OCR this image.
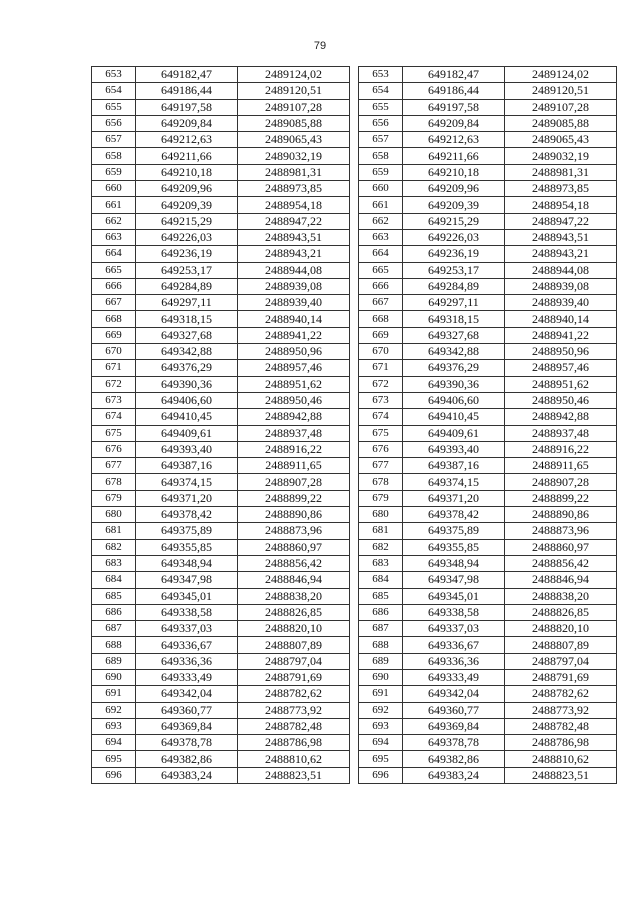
79
653	649182,47	2489124,02
654	649186,44	2489120,51
655	649197,58	2489107,28
656	649209,84	2489085,88
657	649212,63	2489065,43
658	649211,66	2489032,19
659	649210,18	2488981,31
660	649209,96	2488973,85
661	649209,39	2488954,18
662	649215,29	2488947,22
663	649226,03	2488943,51
664	649236,19	2488943,21
665	649253,17	2488944,08
666	649284,89	2488939,08
667	649297,11	2488939,40
668	649318,15	2488940,14
669	649327,68	2488941,22
670	649342,88	2488950,96
671	649376,29	2488957,46
672	649390,36	2488951,62
673	649406,60	2488950,46
674	649410,45	2488942,88
675	649409,61	2488937,48
676	649393,40	2488916,22
677	649387,16	2488911,65
678	649374,15	2488907,28
679	649371,20	2488899,22
680	649378,42	2488890,86
681	649375,89	2488873,96
682	649355,85	2488860,97
683	649348,94	2488856,42
684	649347,98	2488846,94
685	649345,01	2488838,20
686	649338,58	2488826,85
687	649337,03	2488820,10
688	649336,67	2488807,89
689	649336,36	2488797,04
690	649333,49	2488791,69
691	649342,04	2488782,62
692	649360,77	2488773,92
693	649369,84	2488782,48
694	649378,78	2488786,98
695	649382,86	2488810,62
696	649383,24	2488823,51
653	649182,47	2489124,02
654	649186,44	2489120,51
655	649197,58	2489107,28
656	649209,84	2489085,88
657	649212,63	2489065,43
658	649211,66	2489032,19
659	649210,18	2488981,31
660	649209,96	2488973,85
661	649209,39	2488954,18
662	649215,29	2488947,22
663	649226,03	2488943,51
664	649236,19	2488943,21
665	649253,17	2488944,08
666	649284,89	2488939,08
667	649297,11	2488939,40
668	649318,15	2488940,14
669	649327,68	2488941,22
670	649342,88	2488950,96
671	649376,29	2488957,46
672	649390,36	2488951,62
673	649406,60	2488950,46
674	649410,45	2488942,88
675	649409,61	2488937,48
676	649393,40	2488916,22
677	649387,16	2488911,65
678	649374,15	2488907,28
679	649371,20	2488899,22
680	649378,42	2488890,86
681	649375,89	2488873,96
682	649355,85	2488860,97
683	649348,94	2488856,42
684	649347,98	2488846,94
685	649345,01	2488838,20
686	649338,58	2488826,85
687	649337,03	2488820,10
688	649336,67	2488807,89
689	649336,36	2488797,04
690	649333,49	2488791,69
691	649342,04	2488782,62
692	649360,77	2488773,92
693	649369,84	2488782,48
694	649378,78	2488786,98
695	649382,86	2488810,62
696	649383,24	2488823,51
